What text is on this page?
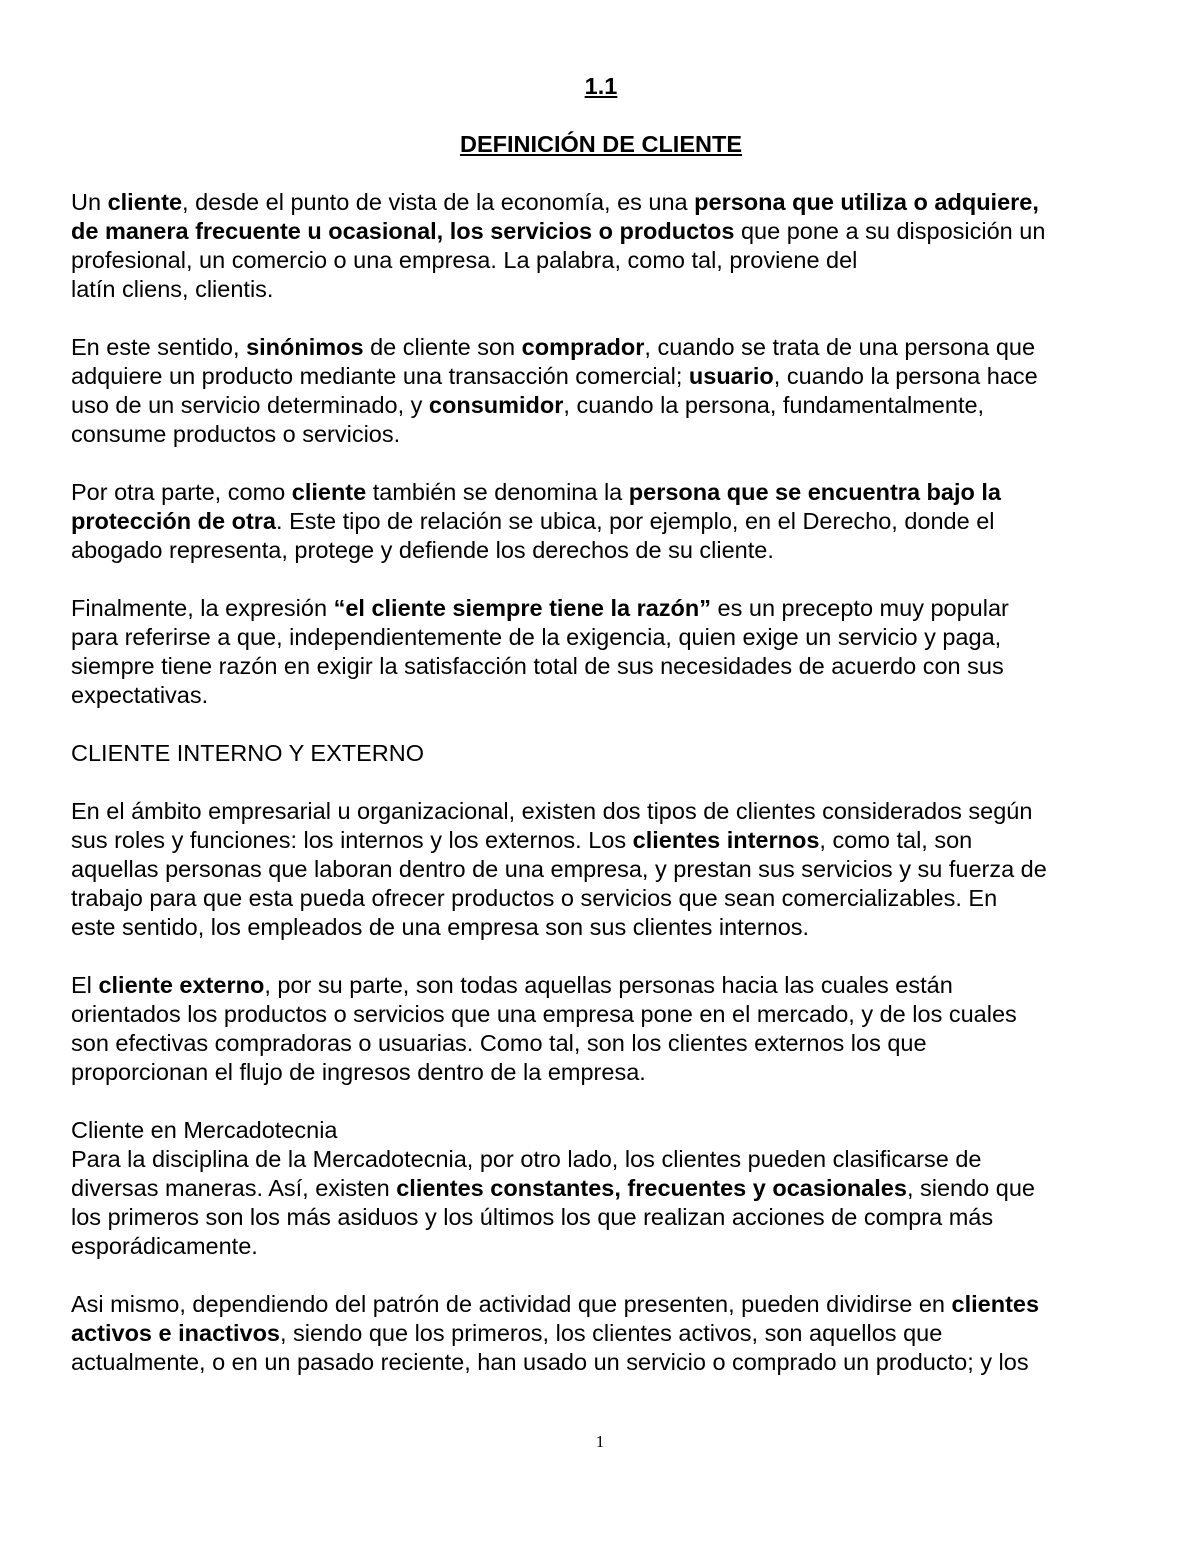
1.1
DEFINICIÓN DE CLIENTE

Un cliente, desde el punto de vista de la economía, es una persona que utiliza o adquiere,
de manera frecuente u ocasional, los servicios o productos que pone a su disposición un
profesional, un comercio o una empresa. La palabra, como tal, proviene del
latín cliens, clientis.

En este sentido, sinónimos de cliente son comprador, cuando se trata de una persona que
adquiere un producto mediante una transacción comercial; usuario, cuando la persona hace
uso de un servicio determinado, y consumidor, cuando la persona, fundamentalmente,
consume productos o servicios.

Por otra parte, como cliente también se denomina la persona que se encuentra bajo la
protección de otra. Este tipo de relación se ubica, por ejemplo, en el Derecho, donde el
abogado representa, protege y defiende los derechos de su cliente.

Finalmente, la expresión “el cliente siempre tiene la razón” es un precepto muy popular
para referirse a que, independientemente de la exigencia, quien exige un servicio y paga,
siempre tiene razón en exigir la satisfacción total de sus necesidades de acuerdo con sus
expectativas.

CLIENTE INTERNO Y EXTERNO

En el ámbito empresarial u organizacional, existen dos tipos de clientes considerados según
sus roles y funciones: los internos y los externos. Los clientes internos, como tal, son
aquellas personas que laboran dentro de una empresa, y prestan sus servicios y su fuerza de
trabajo para que esta pueda ofrecer productos o servicios que sean comercializables. En
este sentido, los empleados de una empresa son sus clientes internos.

El cliente externo, por su parte, son todas aquellas personas hacia las cuales están
orientados los productos o servicios que una empresa pone en el mercado, y de los cuales
son efectivas compradoras o usuarias. Como tal, son los clientes externos los que
proporcionan el flujo de ingresos dentro de la empresa.

Cliente en Mercadotecnia

Para la disciplina de la Mercadotecnia, por otro lado, los clientes pueden clasificarse de
diversas maneras. Así, existen clientes constantes, frecuentes y ocasionales, siendo que
los primeros son los más asiduos y los últimos los que realizan acciones de compra más
esporádicamente.

Asi mismo, dependiendo del patrón de actividad que presenten, pueden dividirse en clientes
activos e inactivos, siendo que los primeros, los clientes activos, son aquellos que
actualmente, o en un pasado reciente, han usado un servicio o comprado un producto; y los

1
